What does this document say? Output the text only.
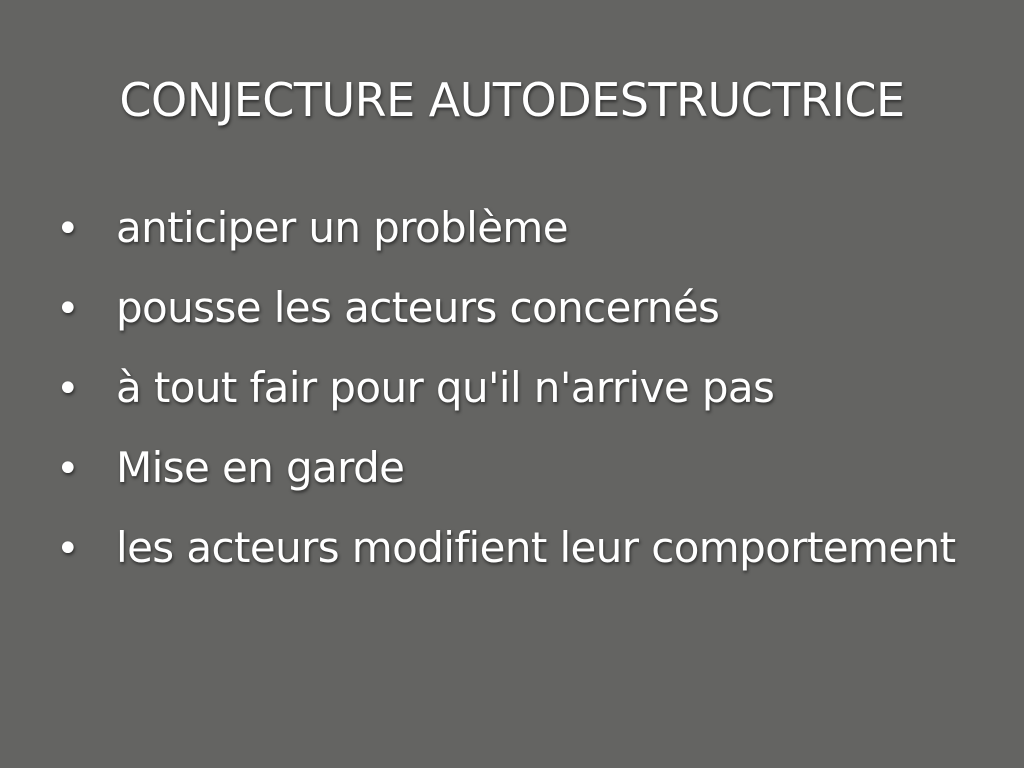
CONJECTURE AUTODESTRUCTRICE
• anticiper un problème
• pousse les acteurs concernés
• à tout fair pour qu'il n'arrive pas
• Mise en garde
• les acteurs modifient leur comportement
